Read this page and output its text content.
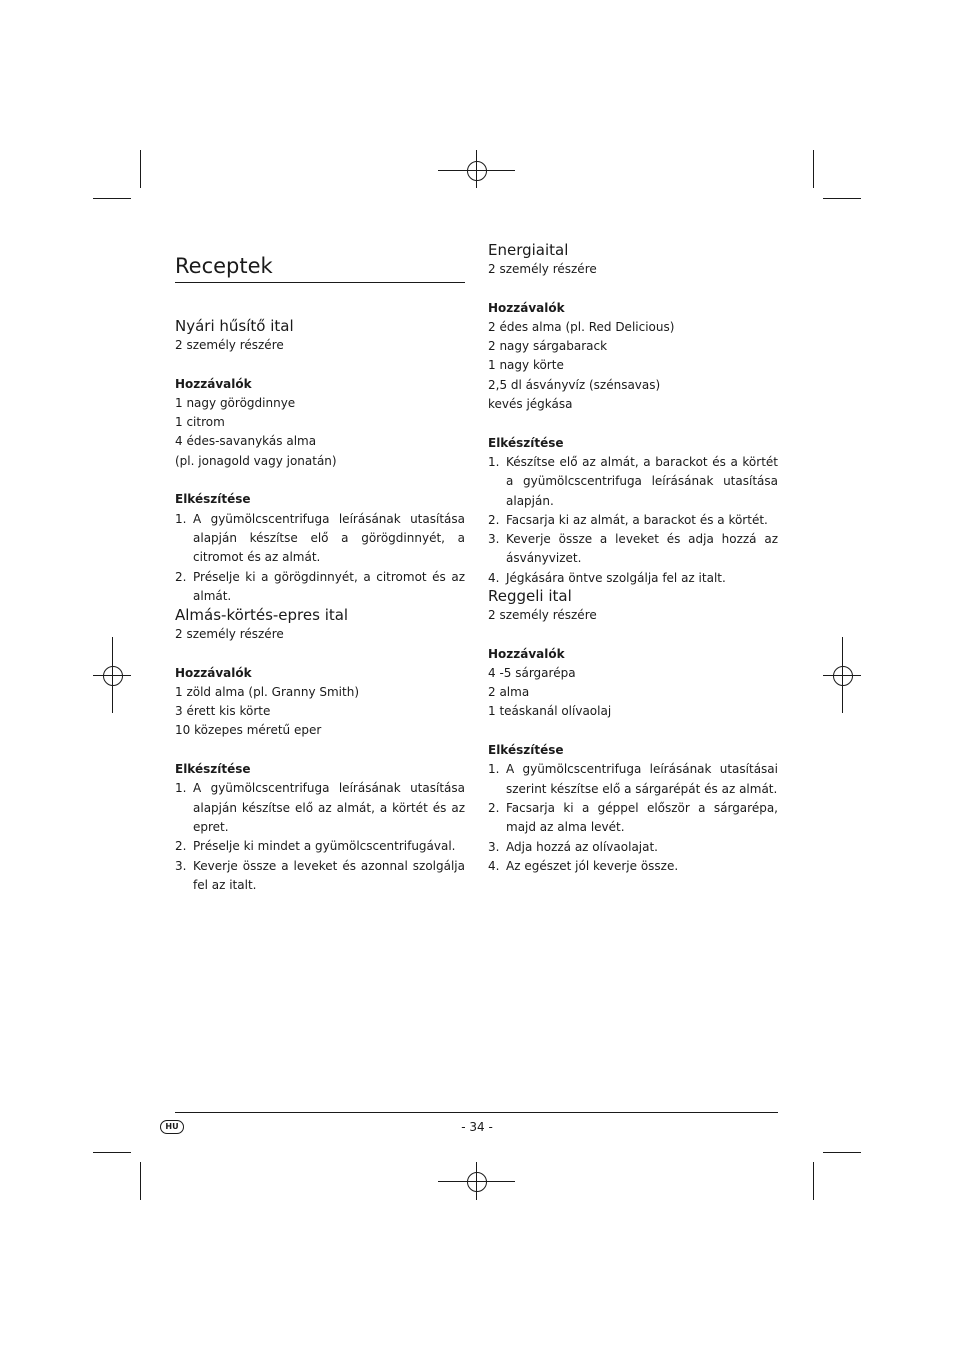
Receptek
Nyári hűsítő ital

2 személy részére

Hozzávalók

1 nagy görögdinnye

1 citrom

4 édes-savanykás alma

(pl. jonagold vagy jonatán)

Elkészítése

1. A gyümölcscentrifuga leírásának utasítása alapján készítse elő a görögdinnyét, a citromot és az almát.
2. Préselje ki a görögdinnyét, a citromot és az almát.
Almás-körtés-epres ital

2 személy részére

Hozzávalók

1 zöld alma (pl. Granny Smith)

3 érett kis körte

10 közepes méretű eper

Elkészítése

1. A gyümölcscentrifuga leírásának utasítása alapján készítse elő az almát, a körtét és az epret.
2. Préselje ki mindet a gyümölcscentrifugával.
3. Keverje össze a leveket és azonnal szolgálja fel az italt.
Energiaital

2 személy részére

Hozzávalók

2 édes alma (pl. Red Delicious)

2 nagy sárgabarack

1 nagy körte

2,5 dl ásványvíz (szénsavas)

kevés jégkása

Elkészítése

1. Készítse elő az almát, a barackot és a körtét a gyümölcscentrifuga leírásának utasítása alapján.
2. Facsarja ki az almát, a barackot és a körtét.
3. Keverje össze a leveket és adja hozzá az ásványvizet.
4. Jégkására öntve szolgálja fel az italt.
Reggeli ital

2 személy részére

Hozzávalók

4 -5 sárgarépa

2 alma

1 teáskanál olívaolaj

Elkészítése

1. A gyümölcscentrifuga leírásának utasításai szerint készítse elő a sárgarépát és az almát.
2. Facsarja ki a géppel először a sárgarépa, majd az alma levét.
3. Adja hozzá az olívaolajat.
4. Az egészet jól keverje össze.
HU	- 34 -
